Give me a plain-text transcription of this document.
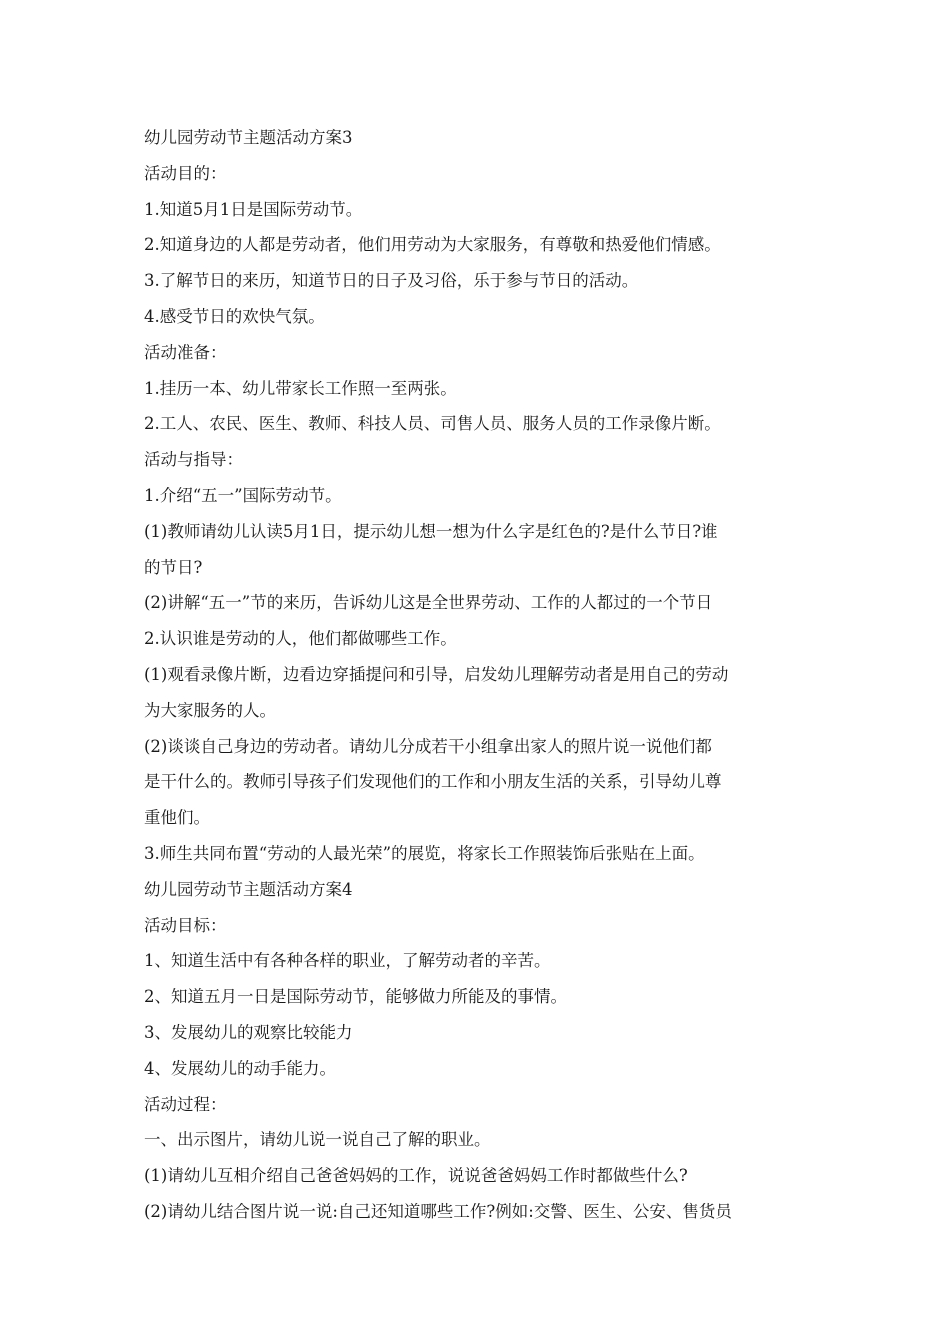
幼儿园劳动节主题活动方案3

活动目的：

1.知道5月1日是国际劳动节。

2.知道身边的人都是劳动者，他们用劳动为大家服务，有尊敬和热爱他们情感。

3.了解节日的来历，知道节日的日子及习俗，乐于参与节日的活动。

4.感受节日的欢快气氛。

活动准备：

1.挂历一本、幼儿带家长工作照一至两张。

2.工人、农民、医生、教师、科技人员、司售人员、服务人员的工作录像片断。

活动与指导：

1.介绍“五一”国际劳动节。

(1)教师请幼儿认读5月1日，提示幼儿想一想为什么字是红色的?是什么节日?谁

的节日?

(2)讲解“五一”节的来历，告诉幼儿这是全世界劳动、工作的人都过的一个节日

2.认识谁是劳动的人，他们都做哪些工作。

(1)观看录像片断，边看边穿插提问和引导，启发幼儿理解劳动者是用自己的劳动

为大家服务的人。

(2)谈谈自己身边的劳动者。请幼儿分成若干小组拿出家人的照片说一说他们都

是干什么的。教师引导孩子们发现他们的工作和小朋友生活的关系，引导幼儿尊

重他们。

3.师生共同布置“劳动的人最光荣”的展览，将家长工作照装饰后张贴在上面。

幼儿园劳动节主题活动方案4

活动目标：

1、知道生活中有各种各样的职业，了解劳动者的辛苦。

2、知道五月一日是国际劳动节，能够做力所能及的事情。

3、发展幼儿的观察比较能力

4、发展幼儿的动手能力。

活动过程：

一、出示图片，请幼儿说一说自己了解的职业。

(1)请幼儿互相介绍自己爸爸妈妈的工作，说说爸爸妈妈工作时都做些什么?

(2)请幼儿结合图片说一说:自己还知道哪些工作?例如:交警、医生、公安、售货员
